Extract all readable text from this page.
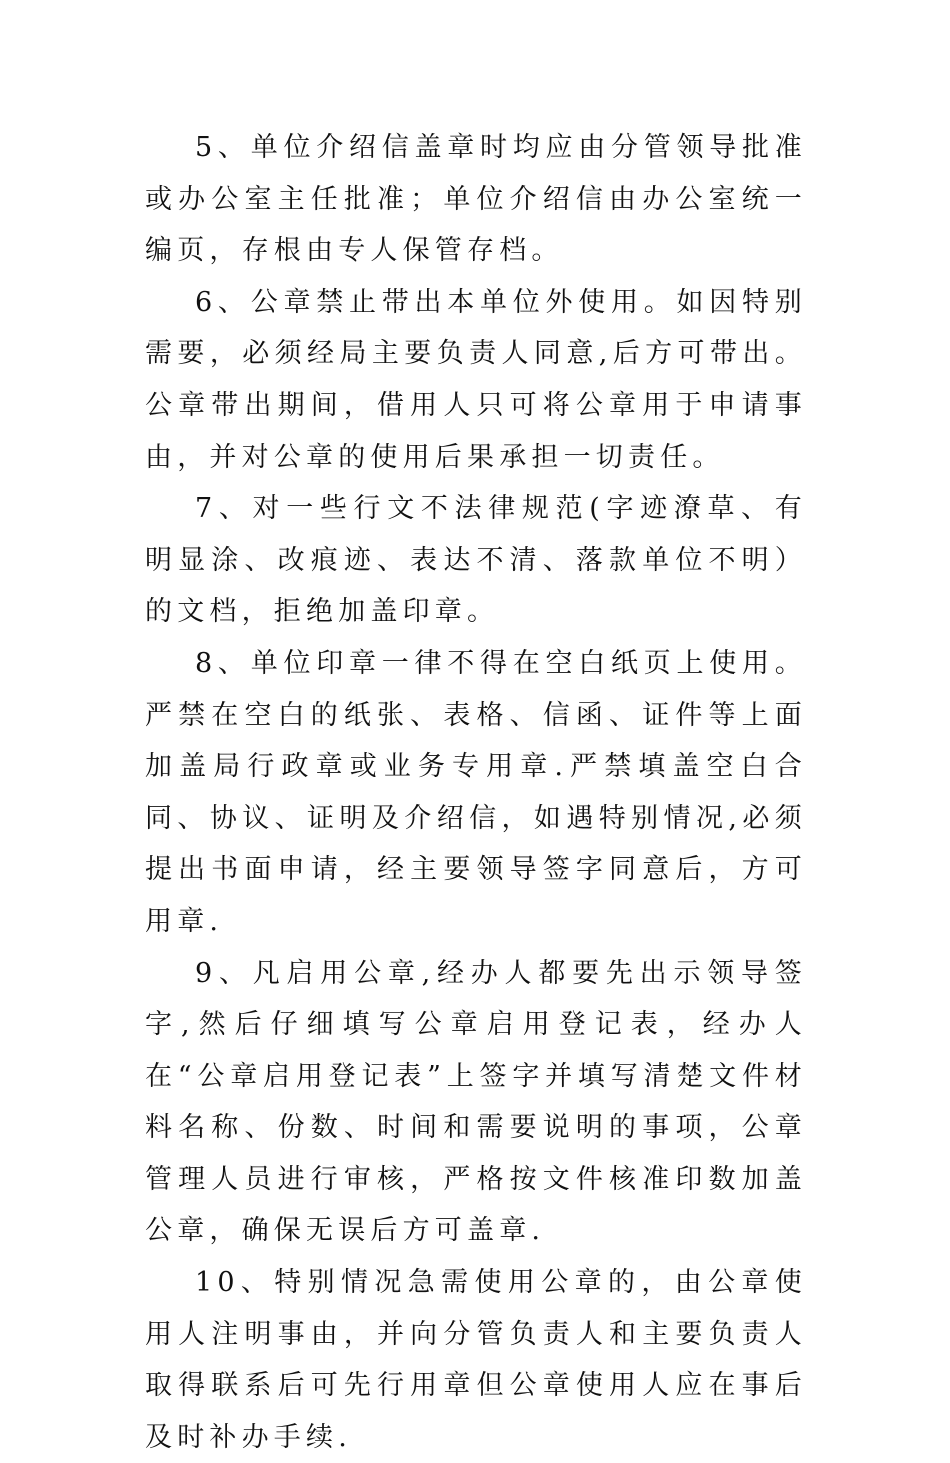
5、单位介绍信盖章时均应由分管领导批准或办公室主任批准；单位介绍信由办公室统一编页，存根由专人保管存档。

6、公章禁止带出本单位外使用。如因特别需要，必须经局主要负责人同意,后方可带出。公章带出期间，借用人只可将公章用于申请事由，并对公章的使用后果承担一切责任。

7、对一些行文不法律规范(字迹潦草、有明显涂、改痕迹、表达不清、落款单位不明）的文档，拒绝加盖印章。

8、单位印章一律不得在空白纸页上使用。严禁在空白的纸张、表格、信函、证件等上面加盖局行政章或业务专用章.严禁填盖空白合同、协议、证明及介绍信，如遇特别情况,必须提出书面申请，经主要领导签字同意后，方可用章.

9、凡启用公章,经办人都要先出示领导签字,然后仔细填写公章启用登记表，经办人在“公章启用登记表”上签字并填写清楚文件材料名称、份数、时间和需要说明的事项，公章管理人员进行审核，严格按文件核准印数加盖公章，确保无误后方可盖章.

10、特别情况急需使用公章的，由公章使用人注明事由，并向分管负责人和主要负责人取得联系后可先行用章但公章使用人应在事后及时补办手续.
